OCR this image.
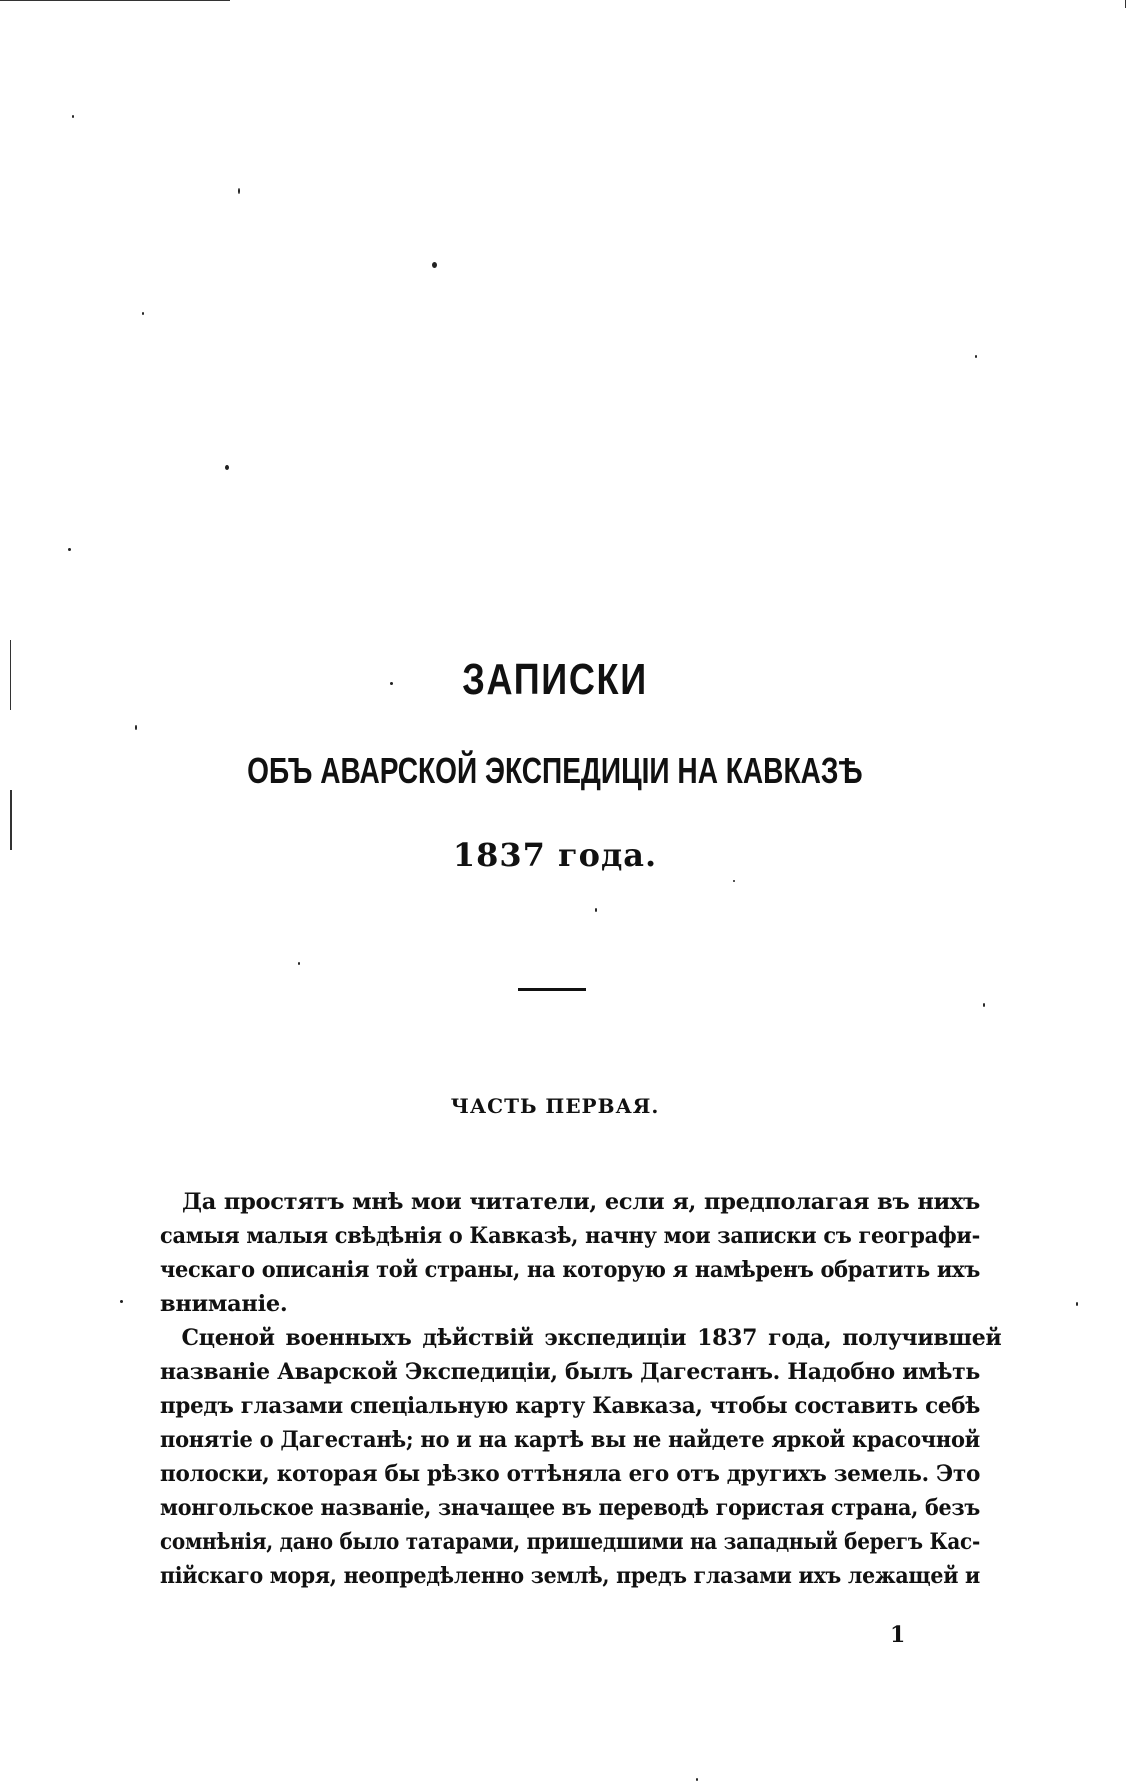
ЗАПИСКИ
ОБЪ АВАРСКОЙ ЭКСПЕДИЦІИ НА КАВКАЗѢ
1837 года.
ЧАСТЬ ПЕРВАЯ.
Да простятъ мнѣ мои читатели, если я, предполагая въ нихъ
самыя малыя свѣдѣнія о Кавказѣ, начну мои записки съ географи-
ческаго описанія той страны, на которую я намѣренъ обратить ихъ
вниманіе.
Сценой военныхъ дѣйствій экспедиціи 1837 года, получившей
названіе Аварской Экспедиціи, былъ Дагестанъ. Надобно имѣть
предъ глазами спеціальную карту Кавказа, чтобы составить себѣ
понятіе о Дагестанѣ; но и на картѣ вы не найдете яркой красочной
полоски, которая бы рѣзко оттѣняла его отъ другихъ земель. Это
монгольское названіе, значащее въ переводѣ гористая страна, безъ
сомнѣнія, дано было татарами, пришедшими на западный берегъ Кас-
пійскаго моря, неопредѣленно землѣ, предъ глазами ихъ лежащей и
1
